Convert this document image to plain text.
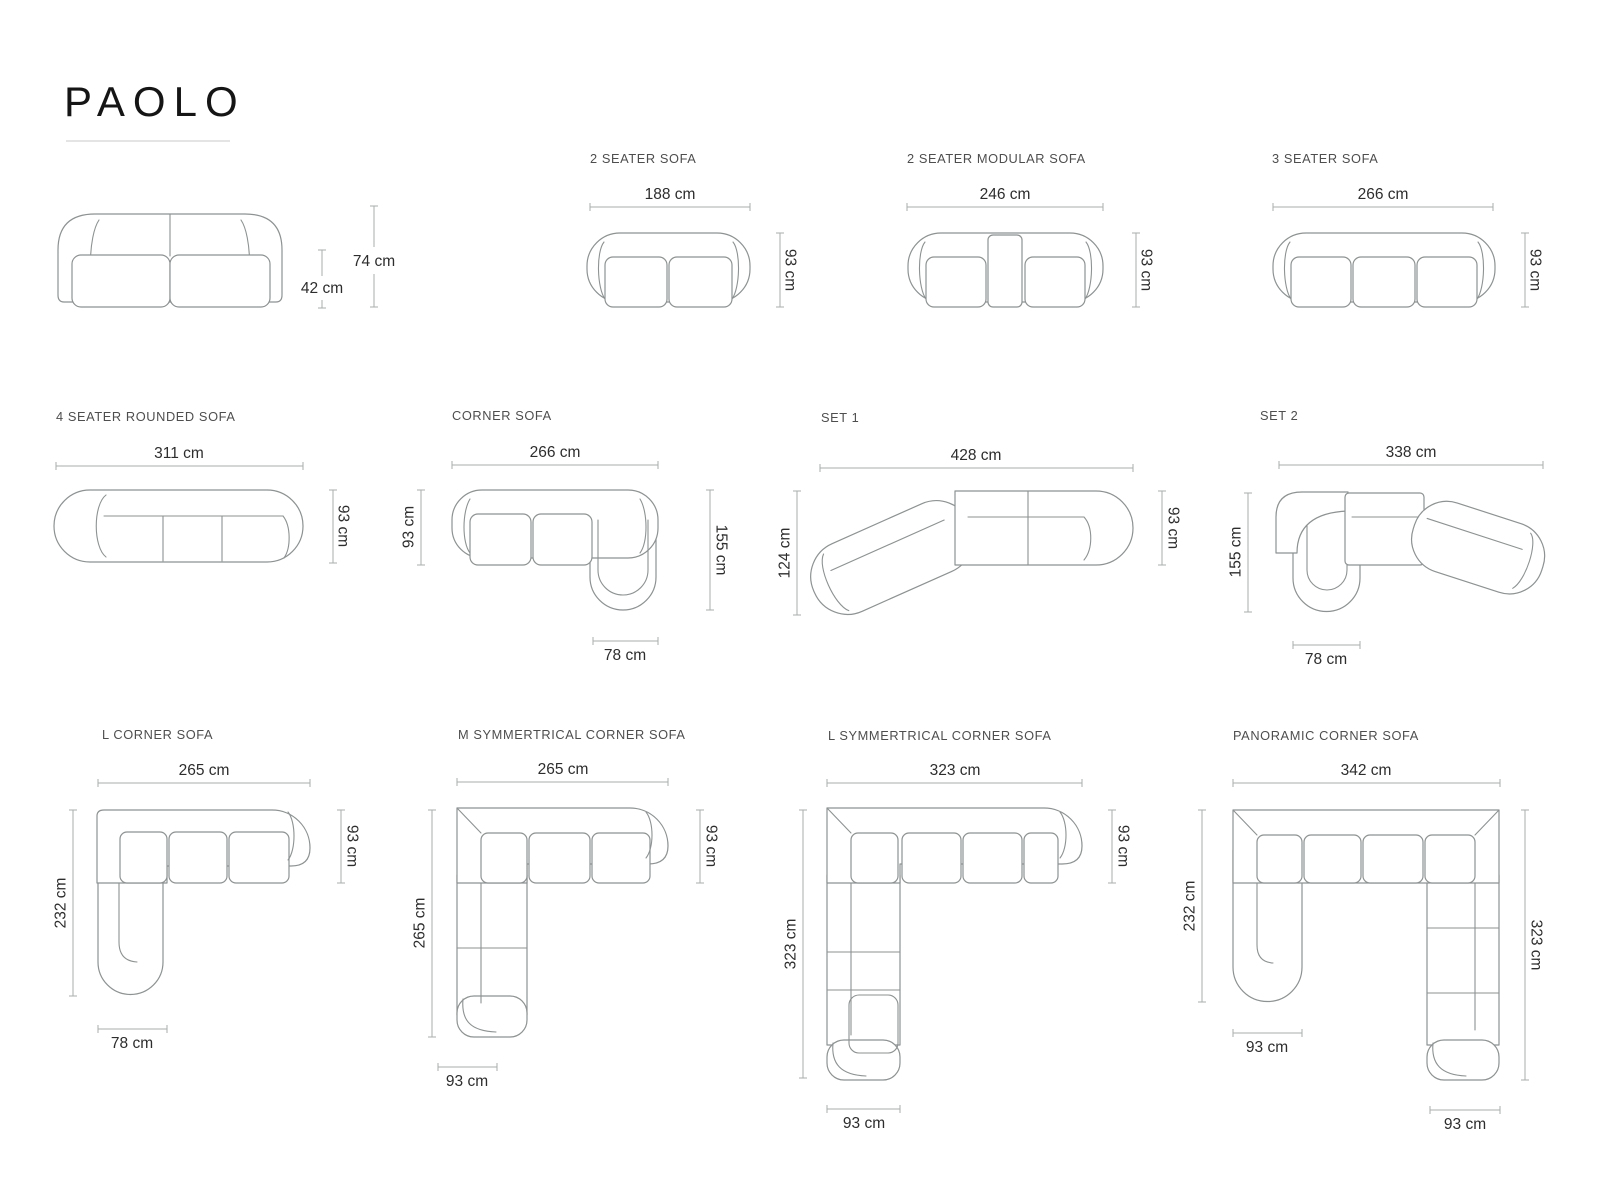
PAOLO
42 cm
74 cm
2 SEATER SOFA
188 cm
93 cm
2 SEATER MODULAR SOFA
246 cm
93 cm
3 SEATER SOFA
266 cm
93 cm
4 SEATER ROUNDED SOFA
311 cm
93 cm
CORNER SOFA
266 cm
93 cm	155 cm
78 cm
SET 1
428 cm
124 cm	93 cm
SET 2
338 cm
155 cm
78 cm
L CORNER SOFA
265 cm
232 cm
93 cm
78 cm
M SYMMERTRICAL CORNER SOFA
265 cm
265 cm
93 cm
93 cm
L SYMMERTRICAL CORNER SOFA
323 cm
323 cm
93 cm
93 cm
PANORAMIC CORNER SOFA
342 cm
232 cm
323 cm
93 cm
93 cm
